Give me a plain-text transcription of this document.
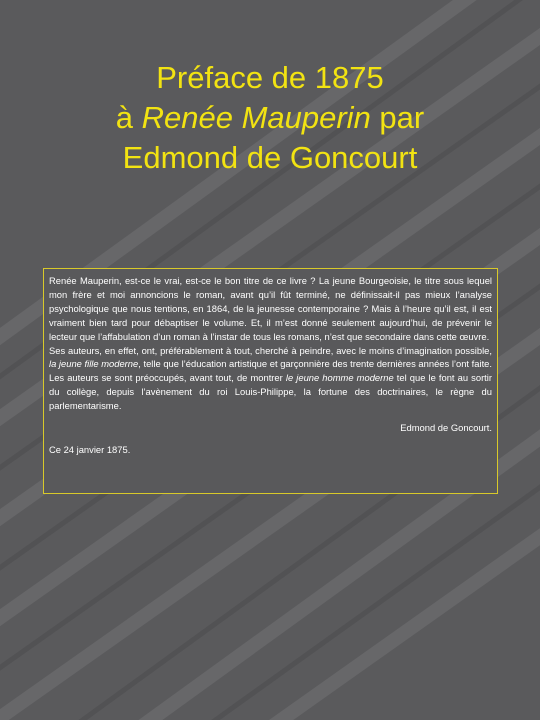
Préface de 1875
à Renée Mauperin par
Edmond de Goncourt

Renée Mauperin, est-ce le vrai, est-ce le bon titre de ce livre ? La jeune Bourgeoisie, le titre sous lequel mon frère et moi annoncions le roman, avant qu’il fût terminé, ne définissait-il pas mieux l’analyse psychologique que nous tentions, en 1864, de la jeunesse contemporaine ? Mais à l’heure qu’il est, il est vraiment bien tard pour débaptiser le volume. Et, il m’est donné seulement aujourd’hui, de prévenir le lecteur que l’affabulation d’un roman à l’instar de tous les romans, n’est que secondaire dans cette œuvre.

Ses auteurs, en effet, ont, préférablement à tout, cherché à peindre, avec le moins d’imagination possible, la jeune fille moderne, telle que l’éducation artistique et garçonnière des trente dernières années l’ont faite. Les auteurs se sont préoccupés, avant tout, de montrer le jeune homme moderne tel que le font au sortir du collège, depuis l’avènement du roi Louis-Philippe, la fortune des doctrinaires, le règne du parlementarisme.

Edmond de Goncourt.

Ce 24 janvier 1875.
